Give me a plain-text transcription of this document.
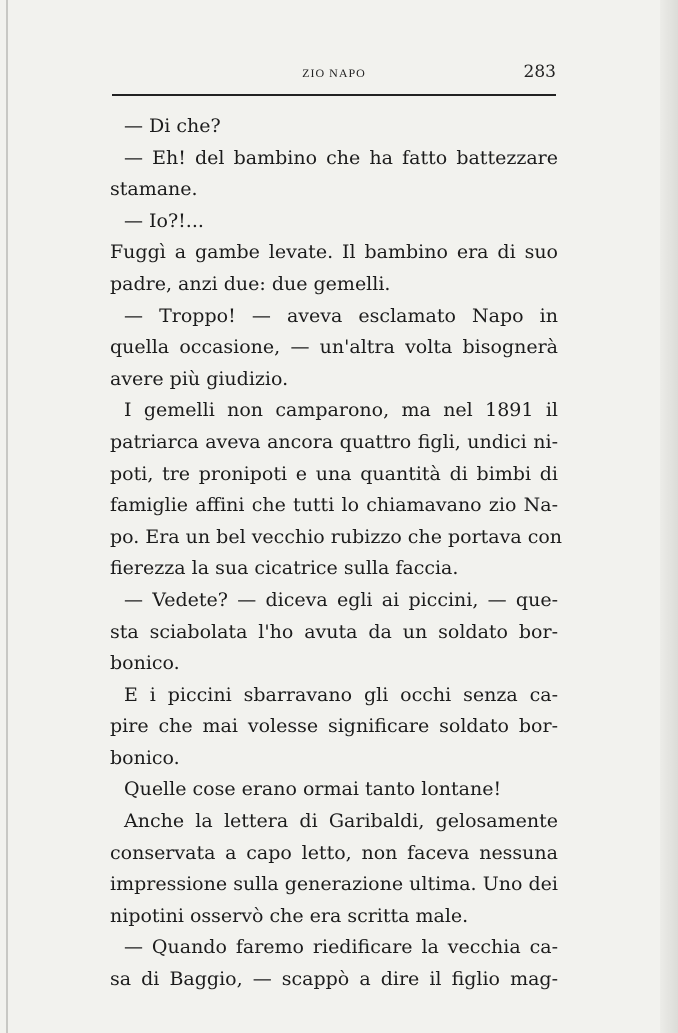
ZIO NAPO	283
— Di che?
— Eh! del bambino che ha fatto battezzare
stamane.
— Io?!...
Fuggì a gambe levate. Il bambino era di suo
padre, anzi due: due gemelli.
— Troppo! — aveva esclamato Napo in
quella occasione, — un'altra volta bisognerà
avere più giudizio.
I gemelli non camparono, ma nel 1891 il
patriarca aveva ancora quattro figli, undici ni-
poti, tre pronipoti e una quantità di bimbi di
famiglie affini che tutti lo chiamavano zio Na-
po. Era un bel vecchio rubizzo che portava con
fierezza la sua cicatrice sulla faccia.
— Vedete? — diceva egli ai piccini, — que-
sta sciabolata l'ho avuta da un soldato bor-
bonico.
E i piccini sbarravano gli occhi senza ca-
pire che mai volesse significare soldato bor-
bonico.
Quelle cose erano ormai tanto lontane!
Anche la lettera di Garibaldi, gelosamente
conservata a capo letto, non faceva nessuna
impressione sulla generazione ultima. Uno dei
nipotini osservò che era scritta male.
— Quando faremo riedificare la vecchia ca-
sa di Baggio, — scappò a dire il figlio mag-
